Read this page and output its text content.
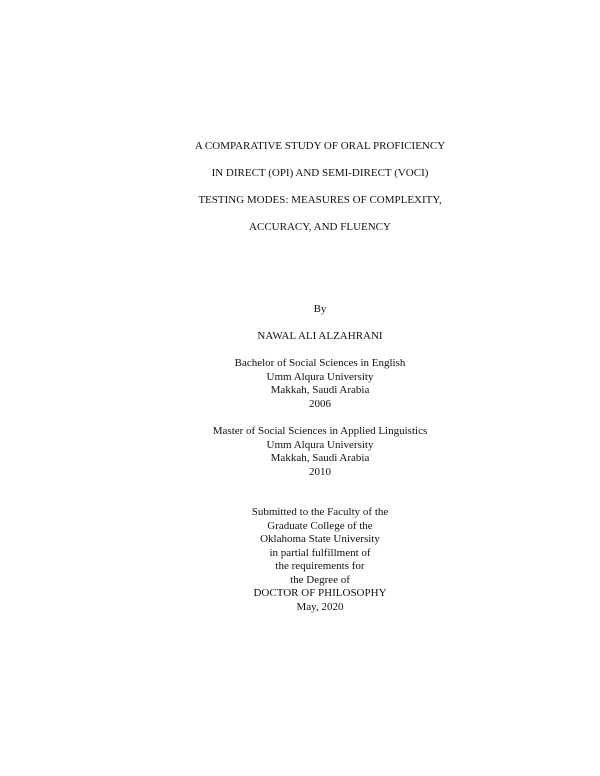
A COMPARATIVE STUDY OF ORAL PROFICIENCY
IN DIRECT (OPI) AND SEMI-DIRECT (VOCI)
TESTING MODES: MEASURES OF COMPLEXITY,
ACCURACY, AND FLUENCY
By
NAWAL ALI ALZAHRANI
Bachelor of Social Sciences in English
Umm Alqura University
Makkah, Saudi Arabia
2006
Master of Social Sciences in Applied Linguistics
Umm Alqura University
Makkah, Saudi Arabia
2010
Submitted to the Faculty of the
Graduate College of the
Oklahoma State University
in partial fulfillment of
the requirements for
the Degree of
DOCTOR OF PHILOSOPHY
May, 2020
